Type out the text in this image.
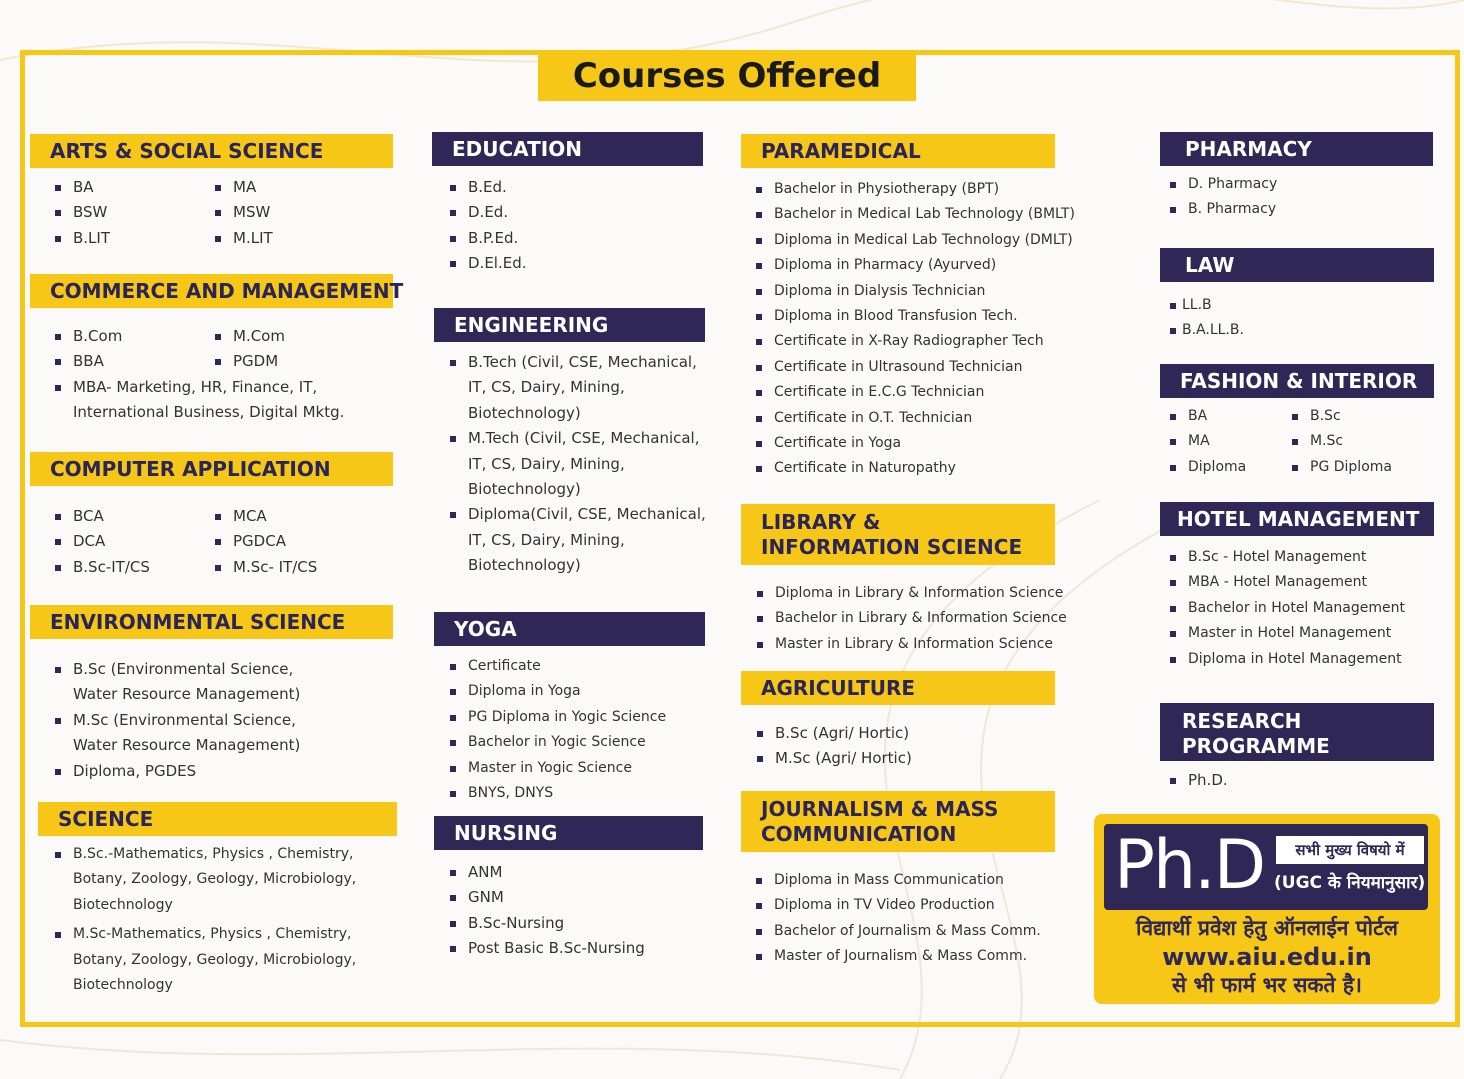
Courses Offered
ARTS & SOCIAL SCIENCE
BA	MA
BSW	MSW
B.LIT	M.LIT
COMMERCE AND MANAGEMENT
B.Com	M.Com
BBA	PGDM
MBA- Marketing, HR, Finance, IT, International Business, Digital Mktg.
COMPUTER APPLICATION
BCA	MCA
DCA	PGDCA
B.Sc-IT/CS	M.Sc- IT/CS
ENVIRONMENTAL SCIENCE
B.Sc (Environmental Science, Water Resource Management)
M.Sc (Environmental Science, Water Resource Management)
Diploma, PGDES
SCIENCE
B.Sc.-Mathematics, Physics , Chemistry, Botany, Zoology, Geology, Microbiology, Biotechnology
M.Sc-Mathematics, Physics , Chemistry, Botany, Zoology, Geology, Microbiology, Biotechnology
EDUCATION
B.Ed.
D.Ed.
B.P.Ed.
D.El.Ed.
ENGINEERING
B.Tech (Civil, CSE, Mechanical, IT, CS, Dairy, Mining, Biotechnology)
M.Tech (Civil, CSE, Mechanical, IT, CS, Dairy, Mining, Biotechnology)
Diploma(Civil, CSE, Mechanical, IT, CS, Dairy, Mining, Biotechnology)
YOGA
Certificate
Diploma in Yoga
PG Diploma in Yogic Science
Bachelor in Yogic Science
Master in Yogic Science
BNYS, DNYS
NURSING
ANM
GNM
B.Sc-Nursing
Post Basic B.Sc-Nursing
PARAMEDICAL
Bachelor in Physiotherapy (BPT)
Bachelor in Medical Lab Technology (BMLT)
Diploma in Medical Lab Technology (DMLT)
Diploma in Pharmacy (Ayurved)
Diploma in Dialysis Technician
Diploma in Blood Transfusion Tech.
Certificate in X-Ray Radiographer Tech
Certificate in Ultrasound Technician
Certificate in E.C.G Technician
Certificate in O.T. Technician
Certificate in Yoga
Certificate in Naturopathy
LIBRARY & INFORMATION SCIENCE
Diploma in Library & Information Science
Bachelor in Library & Information Science
Master in Library & Information Science
AGRICULTURE
B.Sc (Agri/ Hortic)
M.Sc (Agri/ Hortic)
JOURNALISM & MASS COMMUNICATION
Diploma in Mass Communication
Diploma in TV Video Production
Bachelor of Journalism & Mass Comm.
Master of Journalism & Mass Comm.
PHARMACY
D. Pharmacy
B. Pharmacy
LAW
LL.B
B.A.LL.B.
FASHION & INTERIOR
BA	B.Sc
MA	M.Sc
Diploma	PG Diploma
HOTEL MANAGEMENT
B.Sc - Hotel Management
MBA - Hotel Management
Bachelor in Hotel Management
Master in Hotel Management
Diploma in Hotel Management
RESEARCH PROGRAMME
Ph.D.
Ph.D	सभी मुख्य विषयो में
(UGC के नियमानुसार)
विद्यार्थी प्रवेश हेतु ऑनलाईन पोर्टल
www.aiu.edu.in
से भी फार्म भर सकते है।
